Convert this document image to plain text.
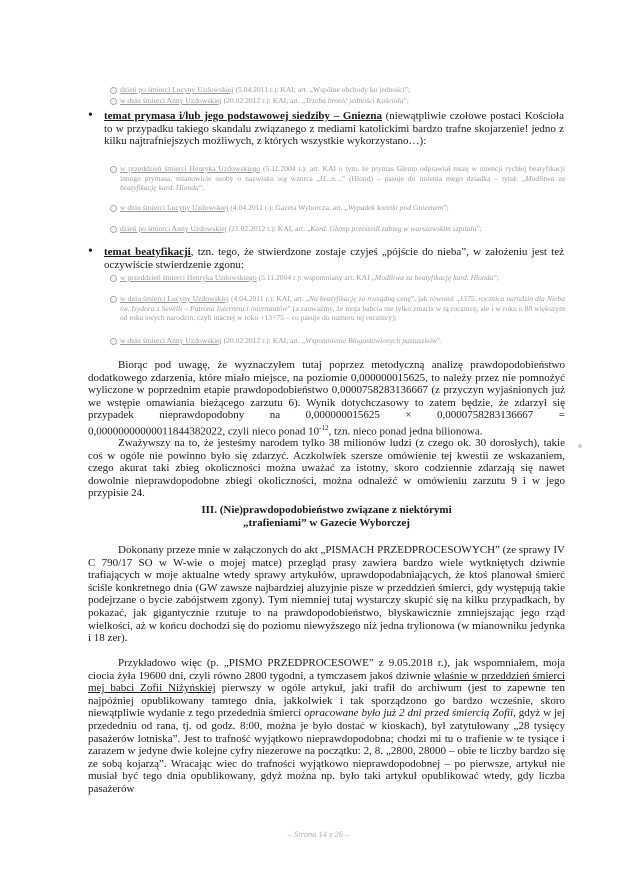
dzień po śmierci Lucyny Uzdowskiej (5.04.2011 r.): KAI, art. „Wspólne obchody ku jedności”;

w dniu śmierci Anny Uzdowskiej (20.02.2012 r.): KAI, art. „Trzeba bronić jedności Kościoła”;

• temat prymasa i/lub jego podstawowej siedziby – Gniezna (niewątpliwie czołowe postaci Kościoła to w przypadku takiego skandalu związanego z mediami katolickimi bardzo trafne skojarzenie! jedno z kilku najtrafniejszych możliwych, z których wszystkie wykorzystano…):

w przeddzień śmierci Henryka Uzdowskiego (5.11.2004 r.): art. KAI o tym, że prymas Glemp odprawiał mszę w intencji rychłej beatyfikacji innego prymasa, mianowicie osoby o nazwisku wg wzorca „H...n…” (Hlond) – pasuje do imienia mego dziadka – tytuł: „Modlitwa za beatyfikację kard. Hlonda”;

w dniu śmierci Lucyny Uzdowskiej (4.04.2011 r.): Gazeta Wyborcza, art. „Wypadek koretki pod Gnieznem”;

dzień po śmierci Anny Uzdowskiej (21.02.2012 r.): KAI, art. „Kard. Glemp przeszedł zabieg w warszawskim szpitalu”;

• temat beatyfikacji, tzn. tego, że stwierdzone zostaje czyjeś „pójście do nieba”, w założeniu jest też oczywiście stwierdzenie zgonu:

w przeddzień śmierci Henryka Uzdowskiego (5.11.2004 r.): wspomniany art. KAI „Modlitwa za beatyfikację kard. Hlonda”;

w dniu śmierci Lucyny Uzdowskiej (4.04.2011 r.): KAI, art. „Na beatyfikację za rozsądną cenę”, jak również „1375. rocznica narodzin dla Nieba św. Izydora z Sewilli – Patrona Internetu i internautów” (a zauważmy, że moja babcia nie tylko zmarła w tą rocznicę, ale i w roku o 88 większym od roku swych narodzin, czyli inaczej w roku +13+75 – co pasuje do numeru tej rocznicy);

w dniu śmierci Anny Uzdowskiej (20.02.2012 r.): KAI, art. „Wspomnienie Błogosławionych pastuszków”.

Biorąc pod uwagę, że wyznaczyłem tutaj poprzez metodyczną analizę prawdopodobieństwo dodatkowego zdarzenia, które miało miejsce, na poziomie 0,000000015625, to należy przez nie pomnożyć wyliczone w poprzednim etapie prawdopodobieństwo 0,0000758283136667 (z przyczyn wyjaśnionych już we wstępie omawiania bieżącego zarzutu 6). Wynik dotychczasowy to zatem będzie, że zdarzył się przypadek nieprawdopodobny na 0,000000015625 × 0,0000758283136667 = 0,00000000000011844382022, czyli nieco ponad $10^{-12}$, tzn. nieco ponad jedna bilionowa.

Zważywszy na to, że jesteśmy narodem tylko 38 milionów ludzi (z czego ok. 30 dorosłych), takie coś w ogóle nie powinno było się zdarzyć. Aczkolwiek szersze omówienie tej kwestii ze wskazaniem, czego akurat taki zbieg okoliczności można uważać za istotny, skoro codziennie zdarzają się nawet dowolnie nieprawdopodobne zbiegi okoliczności, można odnaleźć w omówieniu zarzutu 9 i w jego przypisie 24.

III. (Nie)prawdopodobieństwo związane z niektórymi
„trafieniami” w Gazecie Wyborczej

Dokonany przeze mnie w załączonych do akt „PISMACH PRZEDPROCESOWYCH” (ze sprawy IV C 790/17 SO w W-wie o mojej matce) przegląd prasy zawiera bardzo wiele wytkniętych dziwnie trafiających w moje aktualne wtedy sprawy artykułów, uprawdopodabniających, że ktoś planował śmierć ściśle konkretnego dnia (GW zawsze najbardziej aluzyjnie pisze w przeddzień śmierci, gdy występują takie podejrzane o bycie zabójstwem zgony). Tym niemniej tutaj wystarczy skupić się na kilku przypadkach, by pokazać, jak gigantycznie rzutuje to na prawdopodobieństwo, błyskawicznie zmniejszając jego rząd wielkości, aż w końcu dochodzi się do poziomu niewyższego niż jedna trylionowa (w mianowniku jedynka i 18 zer).

Przykładowo więc (p. „PISMO PRZEDPROCESOWE” z 9.05.2018 r.), jak wspomniałem, moja ciocia żyła 19600 dni, czyli równo 2800 tygodni, a tymczasem jakoś dziwnie właśnie w przeddzień śmierci mej babci Zofii Niżyńskiej pierwszy w ogóle artykuł, jaki trafił do archiwum (jest to zapewne ten najpóźniej opublikowany tamtego dnia, jakkolwiek i tak sporządzono go bardzo wcześnie, skoro niewątpliwie wydanie z tego przedednia śmierci opracowane było już 2 dni przed śmiercią Zofii, gdyż w jej przededniu od rana, tj. od godz. 8:00, można je było dostać w kioskach), był zatytułowany „28 tysięcy pasażerów lotniska”. Jest to trafność wyjątkowo nieprawdopodobna; chodzi mi tu o trafienie w te tysiące i zarazem w jedyne dwie kolejne cyfry niezerowe na początku: 2, 8. „2800, 28000 – obie te liczby bardzo się ze sobą kojarzą”. Wracając wiec do trafności wyjątkowo nieprawdopodobnej – po pierwsze, artykuł nie musiał być tego dnia opublikowany, gdyż można np. było taki artykuł opublikować wtedy, gdy liczba pasażerów

– Strona 14 z 26 –
